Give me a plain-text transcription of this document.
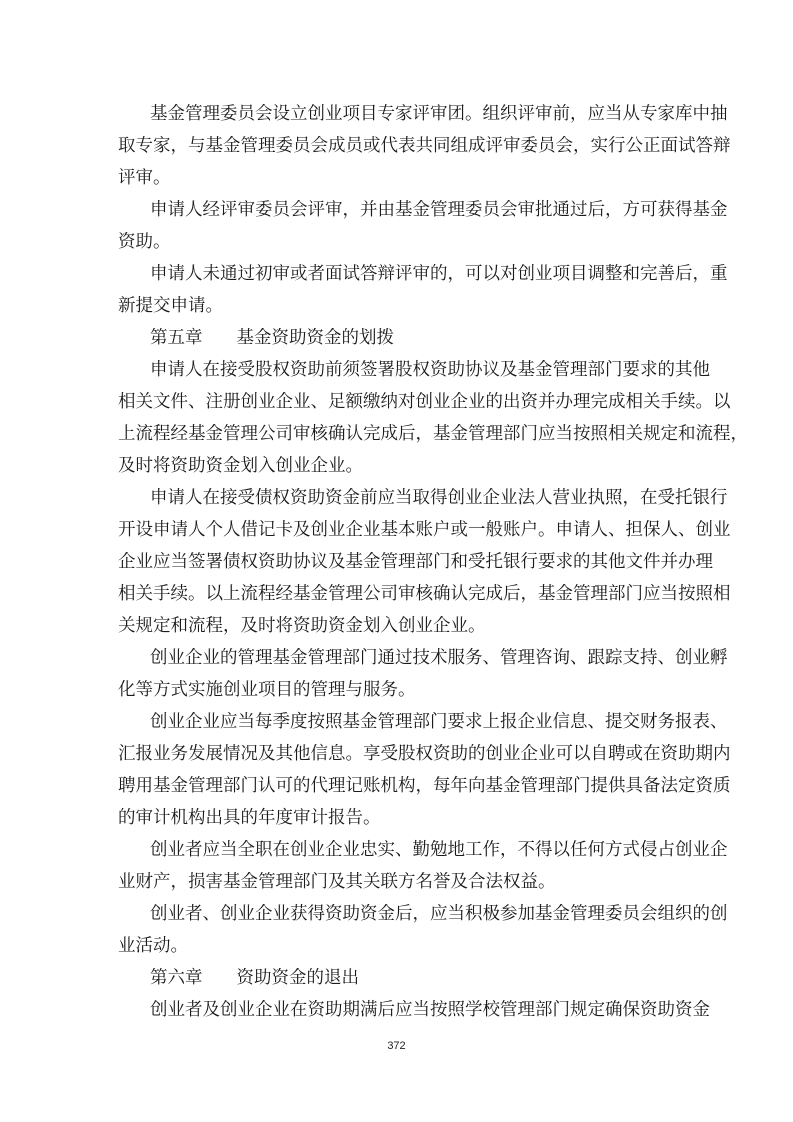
基金管理委员会设立创业项目专家评审团。组织评审前，应当从专家库中抽
取专家，与基金管理委员会成员或代表共同组成评审委员会，实行公正面试答辩
评审。
申请人经评审委员会评审，并由基金管理委员会审批通过后，方可获得基金
资助。
申请人未通过初审或者面试答辩评审的，可以对创业项目调整和完善后，重
新提交申请。
第五章 基金资助资金的划拨
申请人在接受股权资助前须签署股权资助协议及基金管理部门要求的其他
相关文件、注册创业企业、足额缴纳对创业企业的出资并办理完成相关手续。以
上流程经基金管理公司审核确认完成后，基金管理部门应当按照相关规定和流程，
及时将资助资金划入创业企业。
申请人在接受债权资助资金前应当取得创业企业法人营业执照，在受托银行
开设申请人个人借记卡及创业企业基本账户或一般账户。申请人、担保人、创业
企业应当签署债权资助协议及基金管理部门和受托银行要求的其他文件并办理
相关手续。以上流程经基金管理公司审核确认完成后，基金管理部门应当按照相
关规定和流程，及时将资助资金划入创业企业。
创业企业的管理基金管理部门通过技术服务、管理咨询、跟踪支持、创业孵
化等方式实施创业项目的管理与服务。
创业企业应当每季度按照基金管理部门要求上报企业信息、提交财务报表、
汇报业务发展情况及其他信息。享受股权资助的创业企业可以自聘或在资助期内
聘用基金管理部门认可的代理记账机构，每年向基金管理部门提供具备法定资质
的审计机构出具的年度审计报告。
创业者应当全职在创业企业忠实、勤勉地工作，不得以任何方式侵占创业企
业财产，损害基金管理部门及其关联方名誉及合法权益。
创业者、创业企业获得资助资金后，应当积极参加基金管理委员会组织的创
业活动。
第六章 资助资金的退出
创业者及创业企业在资助期满后应当按照学校管理部门规定确保资助资金
372
